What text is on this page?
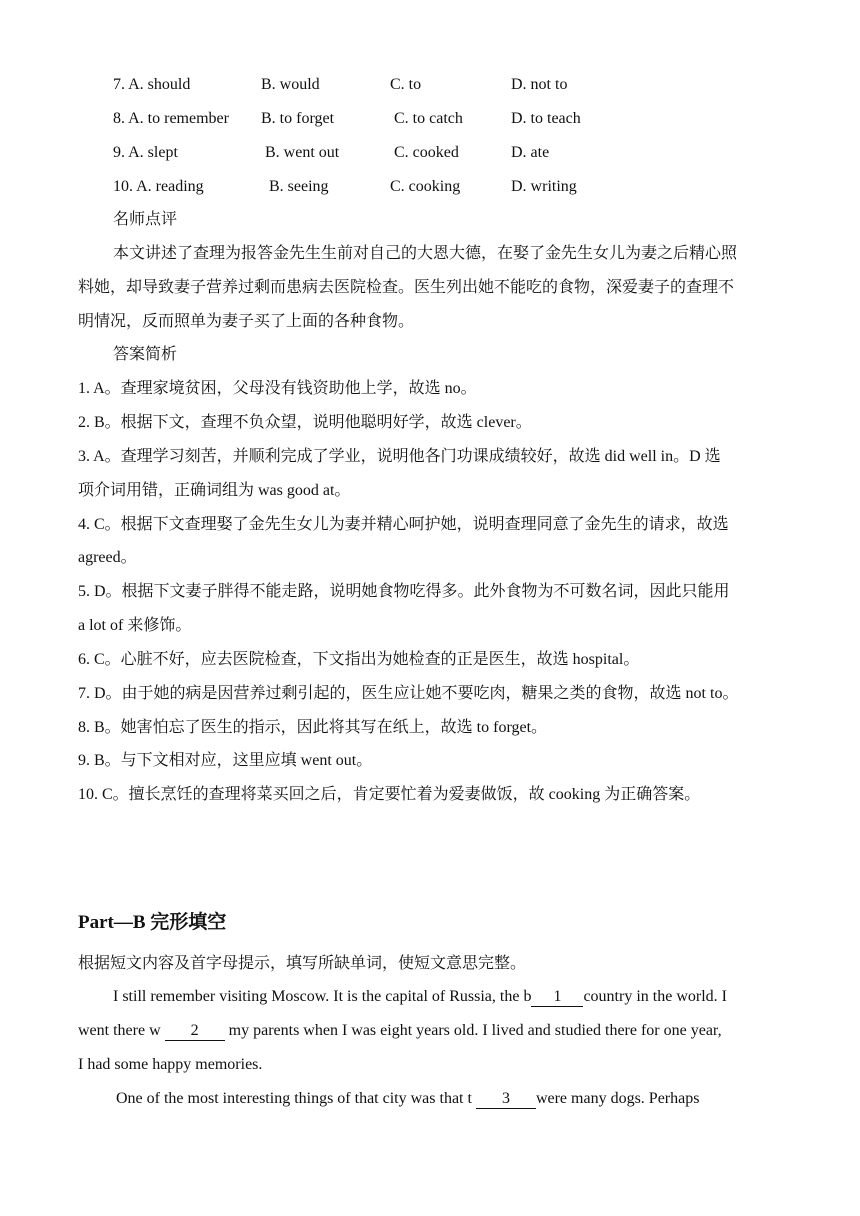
7. A. should	B. would	C. to	D. not to
8. A. to remember B. to forget	C. to catch	D. to teach
9. A. slept	B. went out	C. cooked	D. ate
10. A. reading	B. seeing	C. cooking	D. writing
名师点评
本文讲述了查理为报答金先生生前对自己的大恩大德，在娶了金先生女儿为妻之后精心照
料她，却导致妻子营养过剩而患病去医院检查。医生列出她不能吃的食物，深爱妻子的查理不
明情况，反而照单为妻子买了上面的各种食物。
答案简析
1. A。查理家境贫困，父母没有钱资助他上学，故选 no。
2. B。根据下文，查理不负众望，说明他聪明好学，故选 clever。
3. A。查理学习刻苦，并顺利完成了学业，说明他各门功课成绩较好，故选 did well in。D 选
项介词用错，正确词组为 was good at。
4. C。根据下文查理娶了金先生女儿为妻并精心呵护她，说明查理同意了金先生的请求，故选
agreed。
5. D。根据下文妻子胖得不能走路，说明她食物吃得多。此外食物为不可数名词，因此只能用
a lot of 来修饰。
6. C。心脏不好，应去医院检查，下文指出为她检查的正是医生，故选 hospital。
7. D。由于她的病是因营养过剩引起的，医生应让她不要吃肉，糖果之类的食物，故选 not to。
8. B。她害怕忘了医生的指示，因此将其写在纸上，故选 to forget。
9. B。与下文相对应，这里应填 went out。
10. C。擅长烹饪的查理将菜买回之后，肯定要忙着为爱妻做饭，故 cooking 为正确答案。
Part—B 完形填空
根据短文内容及首字母提示，填写所缺单词，使短文意思完整。
I still remember visiting Moscow. It is the capital of Russia, the b 1 country in the world. I
went there w 2 my parents when I was eight years old. I lived and studied there for one year,
I had some happy memories.
One of the most interesting things of that city was that t 3 were many dogs. Perhaps
